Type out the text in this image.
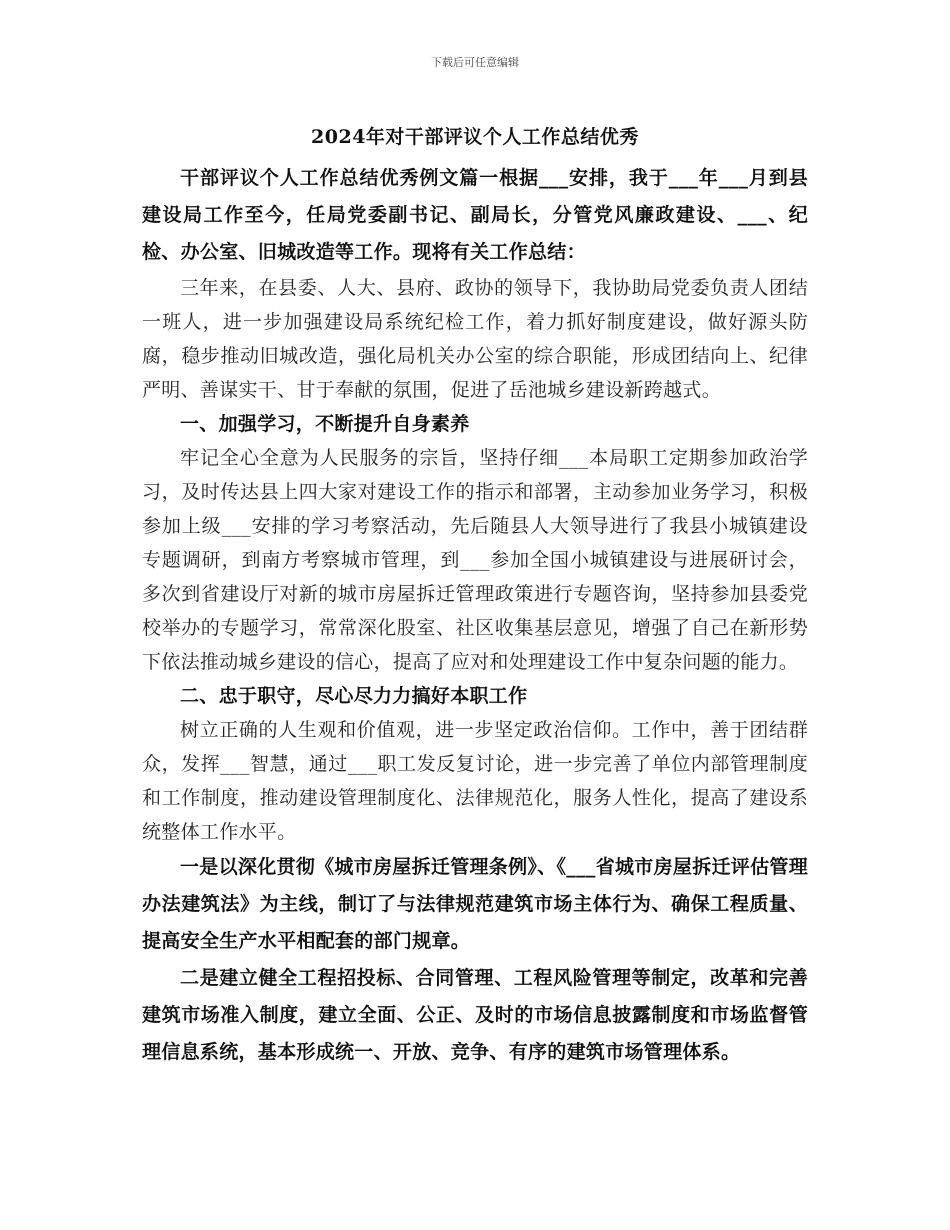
下载后可任意编辑
2024年对干部评议个人工作总结优秀

干部评议个人工作总结优秀例文篇一根据___安排，我于___年___月到县建设局工作至今，任局党委副书记、副局长，分管党风廉政建设、___、纪检、办公室、旧城改造等工作。现将有关工作总结：

三年来，在县委、人大、县府、政协的领导下，我协助局党委负责人团结一班人，进一步加强建设局系统纪检工作，着力抓好制度建设，做好源头防腐，稳步推动旧城改造，强化局机关办公室的综合职能，形成团结向上、纪律严明、善谋实干、甘于奉献的氛围，促进了岳池城乡建设新跨越式。

一、加强学习，不断提升自身素养

牢记全心全意为人民服务的宗旨，坚持仔细___本局职工定期参加政治学习，及时传达县上四大家对建设工作的指示和部署，主动参加业务学习，积极参加上级___安排的学习考察活动，先后随县人大领导进行了我县小城镇建设专题调研，到南方考察城市管理，到___参加全国小城镇建设与进展研讨会，多次到省建设厅对新的城市房屋拆迁管理政策进行专题咨询，坚持参加县委党校举办的专题学习，常常深化股室、社区收集基层意见，增强了自己在新形势下依法推动城乡建设的信心，提高了应对和处理建设工作中复杂问题的能力。

二、忠于职守，尽心尽力力搞好本职工作

树立正确的人生观和价值观，进一步坚定政治信仰。工作中，善于团结群众，发挥___智慧，通过___职工发反复讨论，进一步完善了单位内部管理制度和工作制度，推动建设管理制度化、法律规范化，服务人性化，提高了建设系统整体工作水平。

一是以深化贯彻《城市房屋拆迁管理条例》、《___省城市房屋拆迁评估管理办法建筑法》为主线，制订了与法律规范建筑市场主体行为、确保工程质量、提高安全生产水平相配套的部门规章。

二是建立健全工程招投标、合同管理、工程风险管理等制定，改革和完善建筑市场准入制度，建立全面、公正、及时的市场信息披露制度和市场监督管理信息系统，基本形成统一、开放、竞争、有序的建筑市场管理体系。
